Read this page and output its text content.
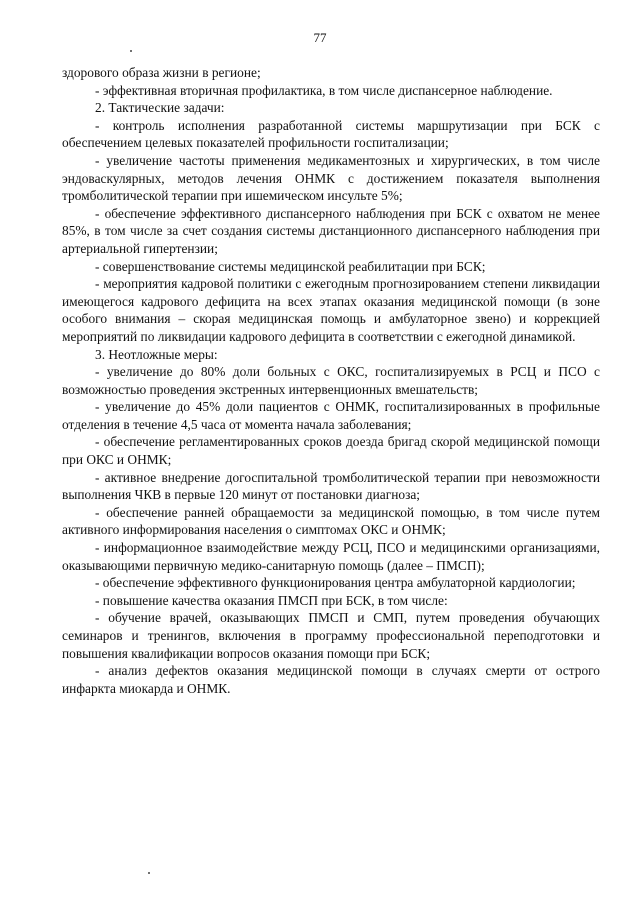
77

здорового образа жизни в регионе;

- эффективная вторичная профилактика, в том числе диспансерное наблюдение.

2. Тактические задачи:

- контроль исполнения разработанной системы маршрутизации при БСК с обеспечением целевых показателей профильности госпитализации;

- увеличение частоты применения медикаментозных и хирургических, в том числе эндоваскулярных, методов лечения ОНМК с достижением показателя выполнения тромболитической терапии при ишемическом инсульте 5%;

- обеспечение эффективного диспансерного наблюдения при БСК с охватом не менее 85%, в том числе за счет создания системы дистанционного диспансерного наблюдения при артериальной гипертензии;

- совершенствование системы медицинской реабилитации при БСК;

- мероприятия кадровой политики с ежегодным прогнозированием степени ликвидации имеющегося кадрового дефицита на всех этапах оказания медицинской помощи (в зоне особого внимания – скорая медицинская помощь и амбулаторное звено) и коррекцией мероприятий по ликвидации кадрового дефицита в соответствии с ежегодной динамикой.

3. Неотложные меры:

- увеличение до 80% доли больных с ОКС, госпитализируемых в РСЦ и ПСО с возможностью проведения экстренных интервенционных вмешательств;

- увеличение до 45% доли пациентов с ОНМК, госпитализированных в профильные отделения в течение 4,5 часа от момента начала заболевания;

- обеспечение регламентированных сроков доезда бригад скорой медицинской помощи при ОКС и ОНМК;

- активное внедрение догоспитальной тромболитической терапии при невозможности выполнения ЧКВ в первые 120 минут от постановки диагноза;

- обеспечение ранней обращаемости за медицинской помощью, в том числе путем активного информирования населения о симптомах ОКС и ОНМК;

- информационное взаимодействие между РСЦ, ПСО и медицинскими организациями, оказывающими первичную медико-санитарную помощь (далее – ПМСП);

- обеспечение эффективного функционирования центра амбулаторной кардиологии;

- повышение качества оказания ПМСП при БСК, в том числе:

- обучение врачей, оказывающих ПМСП и СМП, путем проведения обучающих семинаров и тренингов, включения в программу профессиональной переподготовки и повышения квалификации вопросов оказания помощи при БСК;

- анализ дефектов оказания медицинской помощи в случаях смерти от острого инфаркта миокарда и ОНМК.
